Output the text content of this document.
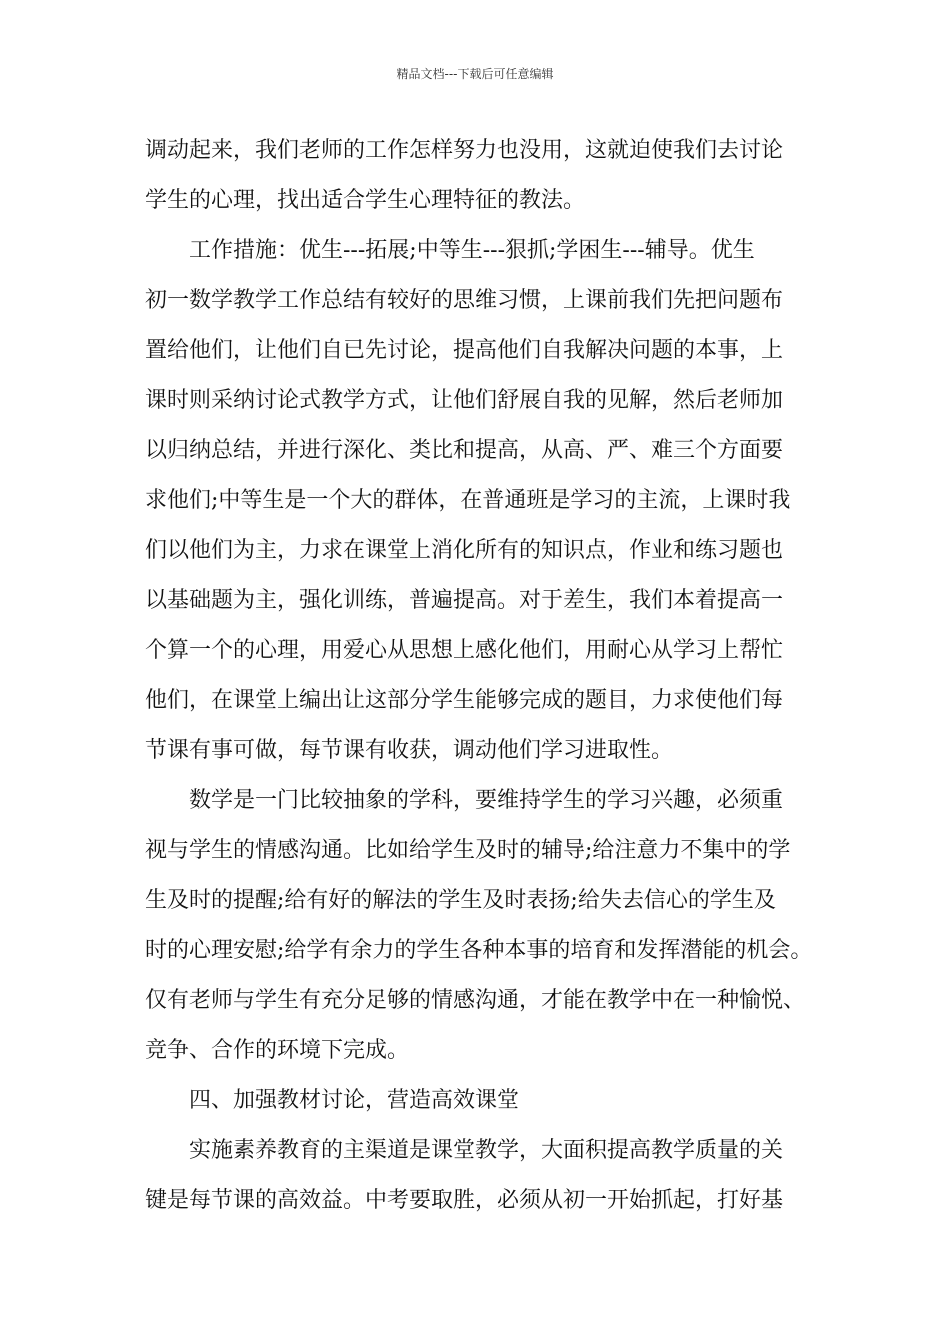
精品文档---下载后可任意编辑
调动起来，我们老师的工作怎样努力也没用，这就迫使我们去讨论
学生的心理，找出适合学生心理特征的教法。
工作措施：优生---拓展;中等生---狠抓;学困生---辅导。优生
初一数学教学工作总结有较好的思维习惯，上课前我们先把问题布
置给他们，让他们自已先讨论，提高他们自我解决问题的本事，上
课时则采纳讨论式教学方式，让他们舒展自我的见解，然后老师加
以归纳总结，并进行深化、类比和提高，从高、严、难三个方面要
求他们;中等生是一个大的群体，在普通班是学习的主流，上课时我
们以他们为主，力求在课堂上消化所有的知识点，作业和练习题也
以基础题为主，强化训练，普遍提高。对于差生，我们本着提高一
个算一个的心理，用爱心从思想上感化他们，用耐心从学习上帮忙
他们，在课堂上编出让这部分学生能够完成的题目，力求使他们每
节课有事可做，每节课有收获，调动他们学习进取性。
数学是一门比较抽象的学科，要维持学生的学习兴趣，必须重
视与学生的情感沟通。比如给学生及时的辅导;给注意力不集中的学
生及时的提醒;给有好的解法的学生及时表扬;给失去信心的学生及
时的心理安慰;给学有余力的学生各种本事的培育和发挥潜能的机会。
仅有老师与学生有充分足够的情感沟通，才能在教学中在一种愉悦、
竞争、合作的环境下完成。
四、加强教材讨论，营造高效课堂
实施素养教育的主渠道是课堂教学，大面积提高教学质量的关
键是每节课的高效益。中考要取胜，必须从初一开始抓起，打好基
